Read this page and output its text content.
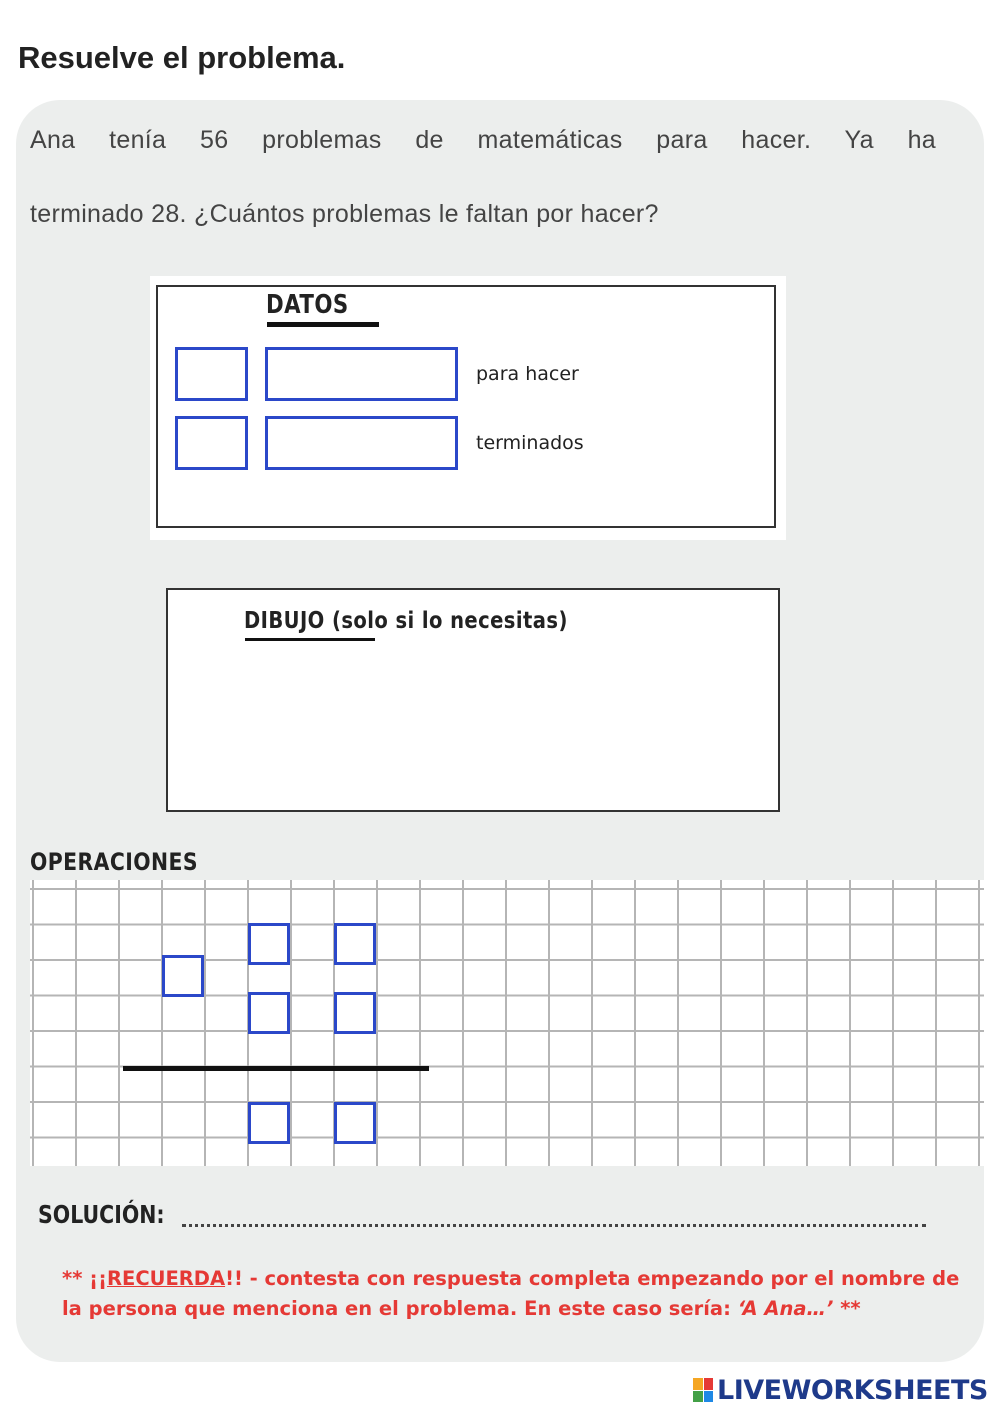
Resuelve el problema.
Ana tenía 56 problemas de matemáticas para hacer. Ya ha
terminado 28. ¿Cuántos problemas le faltan por hacer?
DATOS
para hacer
terminados
DIBUJO (solo si lo necesitas)
OPERACIONES
SOLUCIÓN:
** ¡¡RECUERDA!! - contesta con respuesta completa empezando por el nombre de la persona que menciona en el problema. En este caso sería: ‘A Ana…’ **
LIVEWORKSHEETS
